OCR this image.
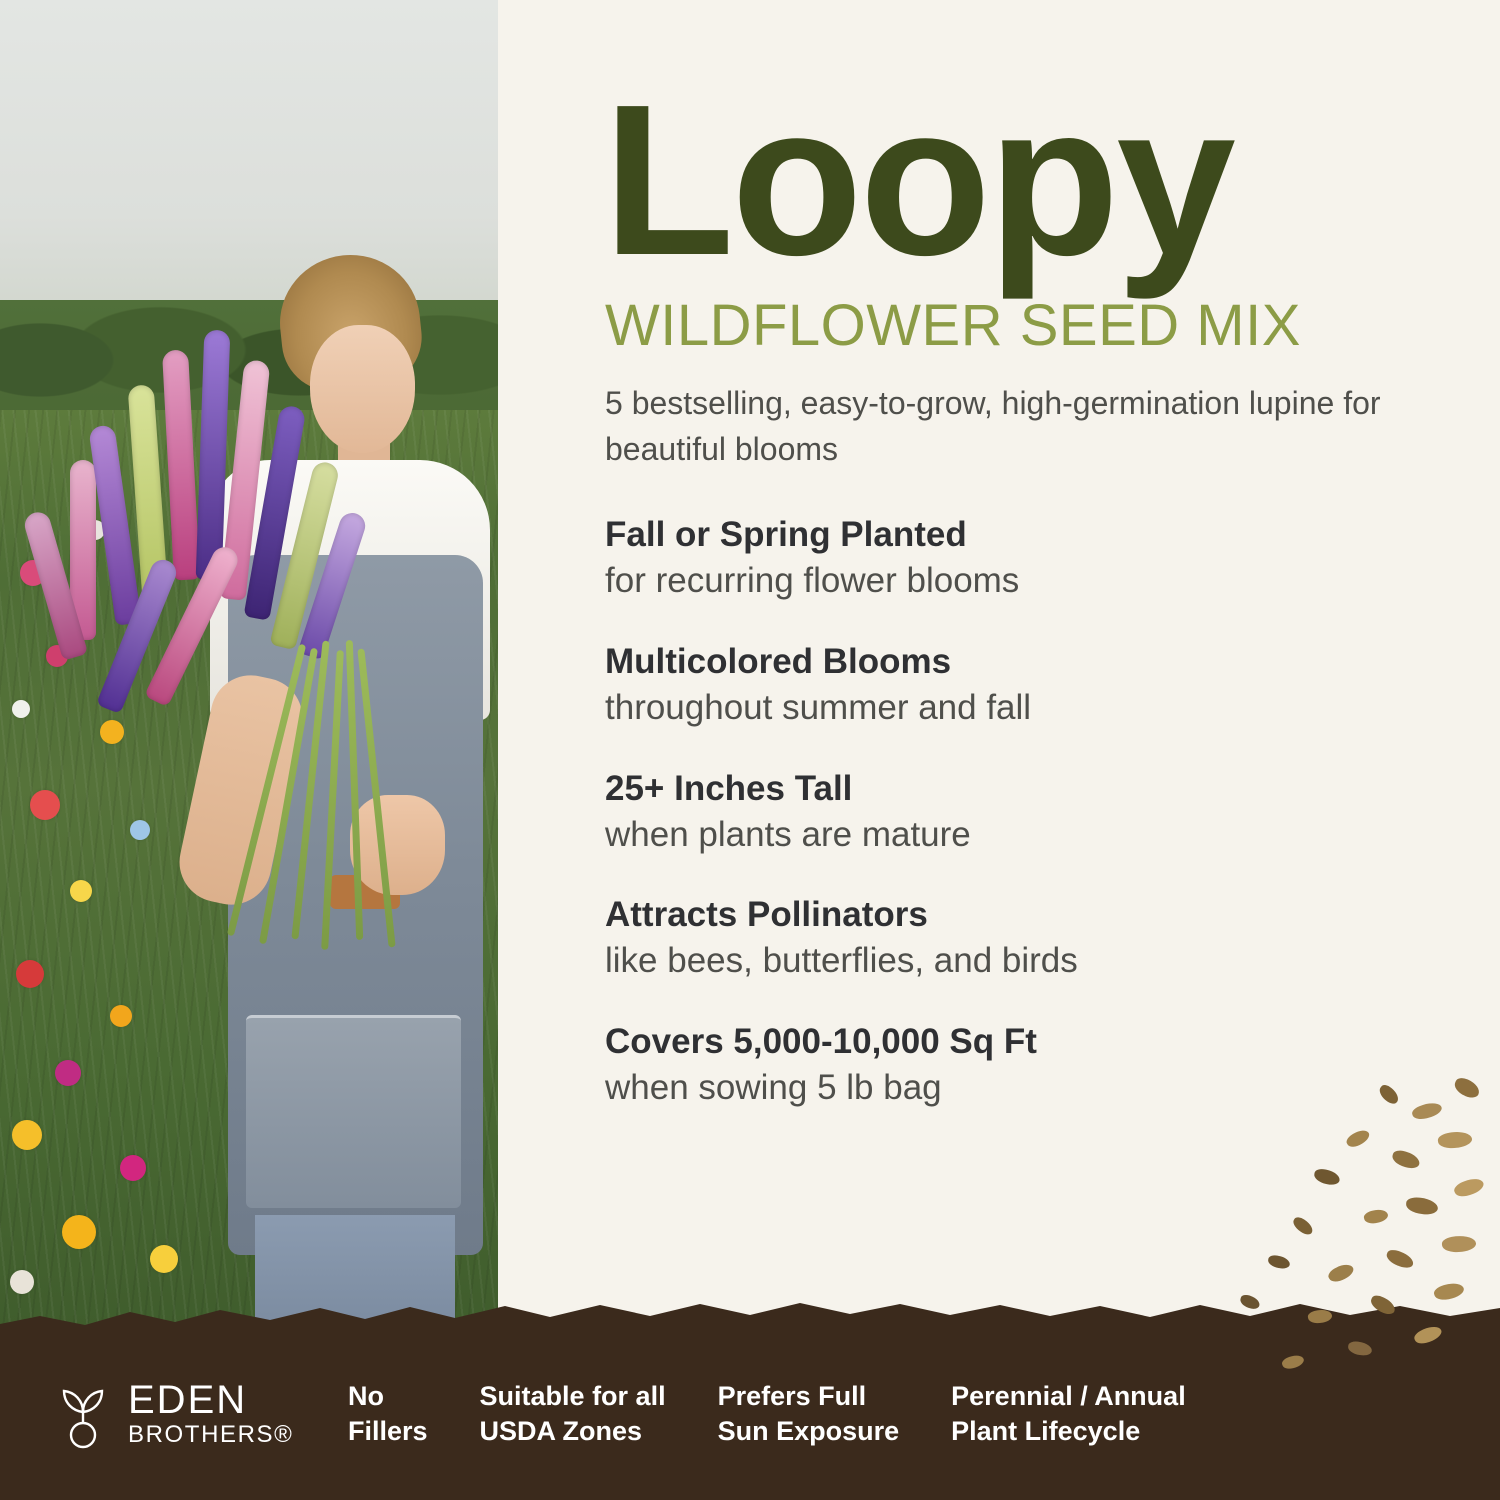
Loopy
WILDFLOWER SEED MIX
5 bestselling, easy-to-grow, high-germination lupine for beautiful blooms
Fall or Spring Planted
for recurring flower blooms
Multicolored Blooms
throughout summer and fall
25+ Inches Tall
when plants are mature
Attracts Pollinators
like bees, butterflies, and birds
Covers 5,000-10,000 Sq Ft
when sowing 5 lb bag
EDEN
BROTHERS®
No
Fillers
Suitable for all
USDA Zones
Prefers Full
Sun Exposure
Perennial / Annual
Plant Lifecycle
